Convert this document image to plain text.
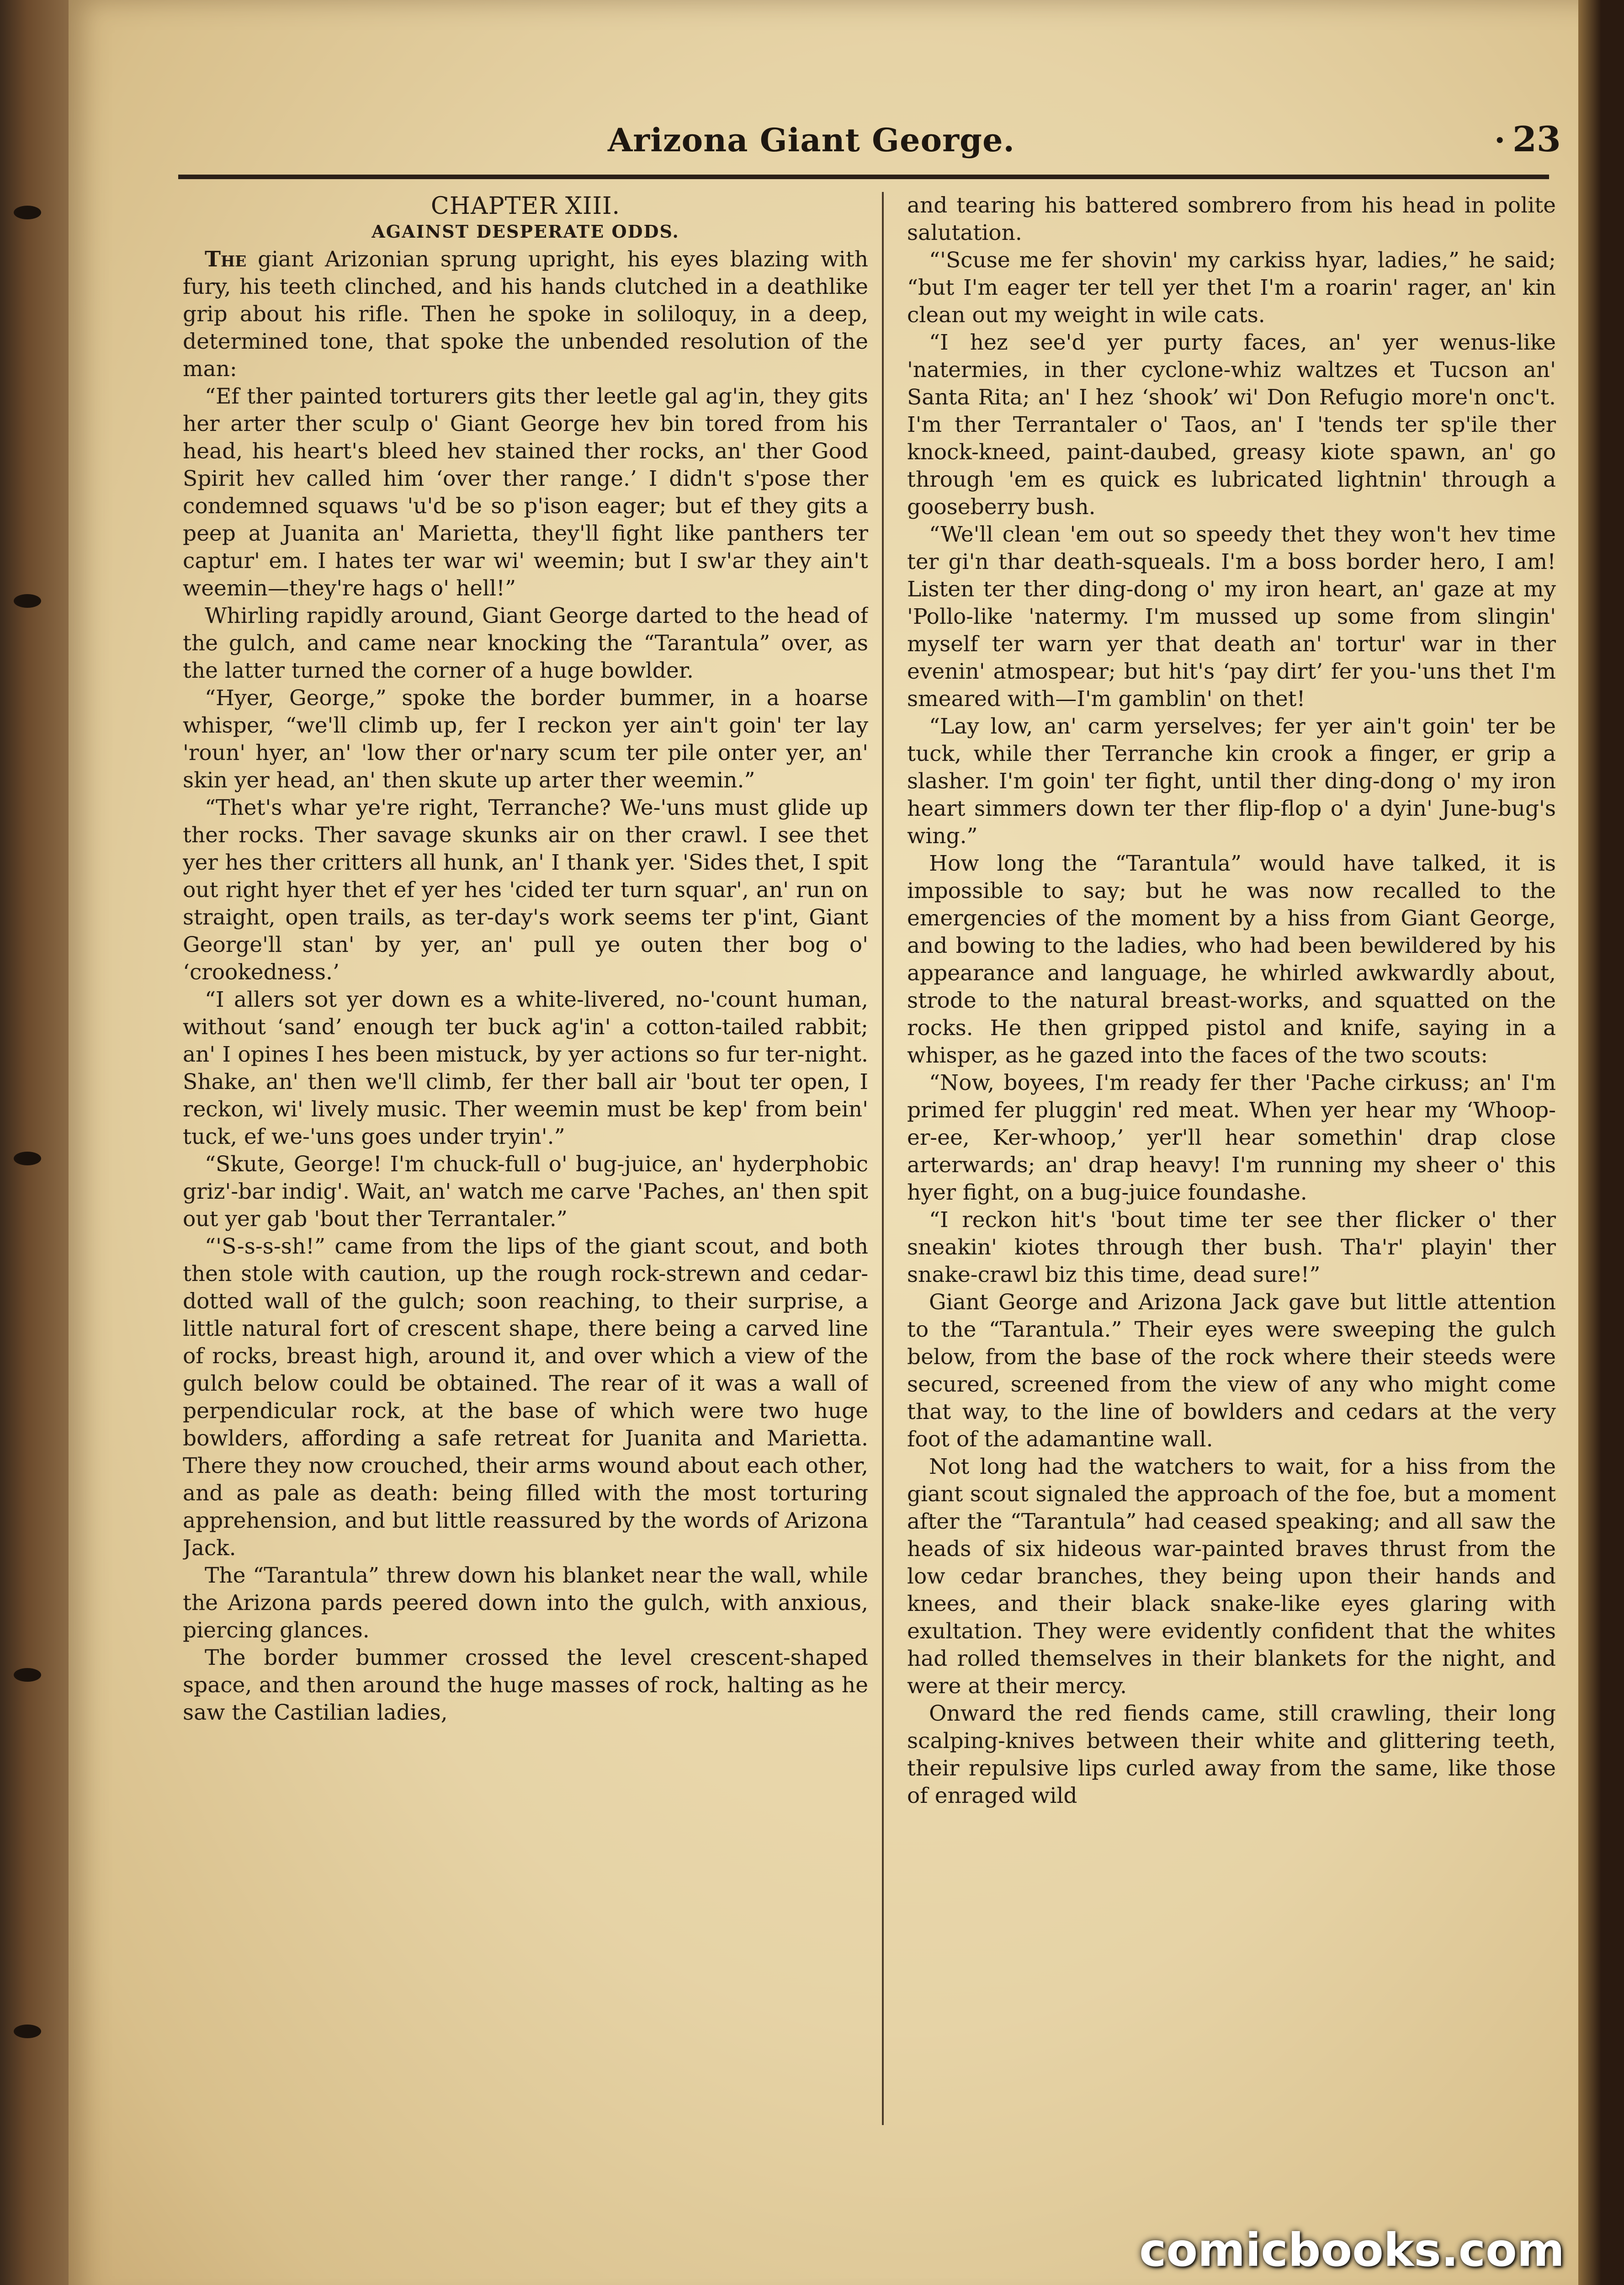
Arizona Giant George.	· 23
CHAPTER XIII.
AGAINST DESPERATE ODDS.

The giant Arizonian sprung upright, his eyes blazing with fury, his teeth clinched, and his hands clutched in a deathlike grip about his rifle. Then he spoke in soliloquy, in a deep, determined tone, that spoke the unbended resolution of the man:

“Ef ther painted torturers gits ther leetle gal ag'in, they gits her arter ther sculp o' Giant George hev bin tored from his head, his heart's bleed hev stained ther rocks, an' ther Good Spirit hev called him ‘over ther range.’ I didn't s'pose ther condemned squaws 'u'd be so p'ison eager; but ef they gits a peep at Juanita an' Marietta, they'll fight like panthers ter captur' em. I hates ter war wi' weemin; but I sw'ar they ain't weemin—they're hags o' hell!”

Whirling rapidly around, Giant George darted to the head of the gulch, and came near knocking the “Tarantula” over, as the latter turned the corner of a huge bowlder.

“Hyer, George,” spoke the border bummer, in a hoarse whisper, “we'll climb up, fer I reckon yer ain't goin' ter lay 'roun' hyer, an' 'low ther or'nary scum ter pile onter yer, an' skin yer head, an' then skute up arter ther weemin.”

“Thet's whar ye're right, Terranche? We-'uns must glide up ther rocks. Ther savage skunks air on ther crawl. I see thet yer hes ther critters all hunk, an' I thank yer. 'Sides thet, I spit out right hyer thet ef yer hes 'cided ter turn squar', an' run on straight, open trails, as ter-day's work seems ter p'int, Giant George'll stan' by yer, an' pull ye outen ther bog o' ‘crookedness.’

“I allers sot yer down es a white-livered, no-'count human, without ‘sand’ enough ter buck ag'in' a cotton-tailed rabbit; an' I opines I hes been mistuck, by yer actions so fur ter-night. Shake, an' then we'll climb, fer ther ball air 'bout ter open, I reckon, wi' lively music. Ther weemin must be kep' from bein' tuck, ef we-'uns goes under tryin'.”

“Skute, George! I'm chuck-full o' bug-juice, an' hyderphobic griz'-bar indig'. Wait, an' watch me carve 'Paches, an' then spit out yer gab 'bout ther Terrantaler.”

“'S-s-s-sh!” came from the lips of the giant scout, and both then stole with caution, up the rough rock-strewn and cedar-dotted wall of the gulch; soon reaching, to their surprise, a little natural fort of crescent shape, there being a carved line of rocks, breast high, around it, and over which a view of the gulch below could be obtained. The rear of it was a wall of perpendicular rock, at the base of which were two huge bowlders, affording a safe retreat for Juanita and Marietta. There they now crouched, their arms wound about each other, and as pale as death: being filled with the most torturing apprehension, and but little reassured by the words of Arizona Jack.

The “Tarantula” threw down his blanket near the wall, while the Arizona pards peered down into the gulch, with anxious, piercing glances.

The border bummer crossed the level crescent-shaped space, and then around the huge masses of rock, halting as he saw the Castilian ladies,

and tearing his battered sombrero from his head in polite salutation.

“'Scuse me fer shovin' my carkiss hyar, ladies,” he said; “but I'm eager ter tell yer thet I'm a roarin' rager, an' kin clean out my weight in wile cats.

“I hez see'd yer purty faces, an' yer wenus-like 'natermies, in ther cyclone-whiz waltzes et Tucson an' Santa Rita; an' I hez ‘shook’ wi' Don Refugio more'n onc't. I'm ther Terrantaler o' Taos, an' I 'tends ter sp'ile ther knock-kneed, paint-daubed, greasy kiote spawn, an' go through 'em es quick es lubricated lightnin' through a gooseberry bush.

“We'll clean 'em out so speedy thet they won't hev time ter gi'n thar death-squeals. I'm a boss border hero, I am! Listen ter ther ding-dong o' my iron heart, an' gaze at my 'Pollo-like 'natermy. I'm mussed up some from slingin' myself ter warn yer that death an' tortur' war in ther evenin' atmospear; but hit's ‘pay dirt’ fer you-'uns thet I'm smeared with—I'm gamblin' on thet!

“Lay low, an' carm yerselves; fer yer ain't goin' ter be tuck, while ther Terranche kin crook a finger, er grip a slasher. I'm goin' ter fight, until ther ding-dong o' my iron heart simmers down ter ther flip-flop o' a dyin' June-bug's wing.”

How long the “Tarantula” would have talked, it is impossible to say; but he was now recalled to the emergencies of the moment by a hiss from Giant George, and bowing to the ladies, who had been bewildered by his appearance and language, he whirled awkwardly about, strode to the natural breast-works, and squatted on the rocks. He then gripped pistol and knife, saying in a whisper, as he gazed into the faces of the two scouts:

“Now, boyees, I'm ready fer ther 'Pache cirkuss; an' I'm primed fer pluggin' red meat. When yer hear my ‘Whoop-er-ee, Ker-whoop,’ yer'll hear somethin' drap close arterwards; an' drap heavy! I'm running my sheer o' this hyer fight, on a bug-juice foundashe.

“I reckon hit's 'bout time ter see ther flicker o' ther sneakin' kiotes through ther bush. Tha'r' playin' ther snake-crawl biz this time, dead sure!”

Giant George and Arizona Jack gave but little attention to the “Tarantula.” Their eyes were sweeping the gulch below, from the base of the rock where their steeds were secured, screened from the view of any who might come that way, to the line of bowlders and cedars at the very foot of the adamantine wall.

Not long had the watchers to wait, for a hiss from the giant scout signaled the approach of the foe, but a moment after the “Tarantula” had ceased speaking; and all saw the heads of six hideous war-painted braves thrust from the low cedar branches, they being upon their hands and knees, and their black snake-like eyes glaring with exultation. They were evidently confident that the whites had rolled themselves in their blankets for the night, and were at their mercy.

Onward the red fiends came, still crawling, their long scalping-knives between their white and glittering teeth, their repulsive lips curled away from the same, like those of enraged wild

comicbooks.com
